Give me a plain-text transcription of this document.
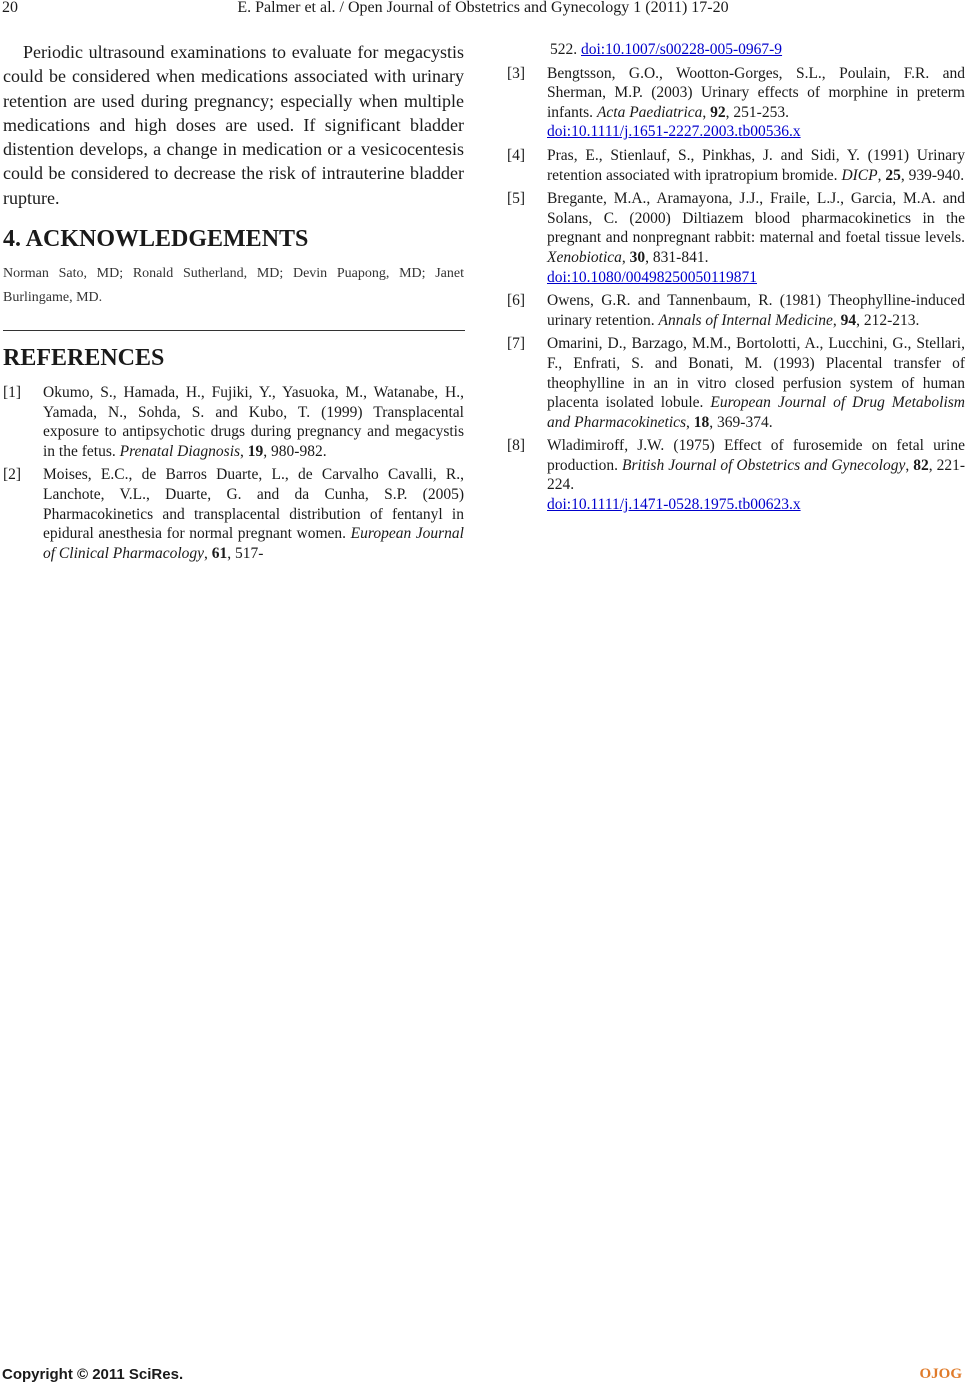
20	E. Palmer et al. / Open Journal of Obstetrics and Gynecology 1 (2011) 17-20

Periodic ultrasound examinations to evaluate for megacystis could be considered when medications associated with urinary retention are used during pregnancy; especially when multiple medications and high doses are used. If significant bladder distention develops, a change in medication or a vesicocentesis could be considered to decrease the risk of intrauterine bladder rupture.

4. ACKNOWLEDGEMENTS

Norman Sato, MD; Ronald Sutherland, MD; Devin Puapong, MD; Janet Burlingame, MD.

REFERENCES
[1] Okumo, S., Hamada, H., Fujiki, Y., Yasuoka, M., Watanabe, H., Yamada, N., Sohda, S. and Kubo, T. (1999) Transplacental exposure to antipsychotic drugs during pregnancy and megacystis in the fetus. Prenatal Diagnosis, 19, 980-982.
[2] Moises, E.C., de Barros Duarte, L., de Carvalho Cavalli, R., Lanchote, V.L., Duarte, G. and da Cunha, S.P. (2005) Pharmacokinetics and transplacental distribution of fentanyl in epidural anesthesia for normal pregnant women. European Journal of Clinical Pharmacology, 61, 517-
522. doi:10.1007/s00228-005-0967-9
[3] Bengtsson, G.O., Wootton-Gorges, S.L., Poulain, F.R. and Sherman, M.P. (2003) Urinary effects of morphine in preterm infants. Acta Paediatrica, 92, 251-253.
doi:10.1111/j.1651-2227.2003.tb00536.x
[4] Pras, E., Stienlauf, S., Pinkhas, J. and Sidi, Y. (1991) Urinary retention associated with ipratropium bromide. DICP, 25, 939-940.
[5] Bregante, M.A., Aramayona, J.J., Fraile, L.J., Garcia, M.A. and Solans, C. (2000) Diltiazem blood pharmacokinetics in the pregnant and nonpregnant rabbit: maternal and foetal tissue levels. Xenobiotica, 30, 831-841.
doi:10.1080/00498250050119871
[6] Owens, G.R. and Tannenbaum, R. (1981) Theophylline-induced urinary retention. Annals of Internal Medicine, 94, 212-213.
[7] Omarini, D., Barzago, M.M., Bortolotti, A., Lucchini, G., Stellari, F., Enfrati, S. and Bonati, M. (1993) Placental transfer of theophylline in an in vitro closed perfusion system of human placenta isolated lobule. European Journal of Drug Metabolism and Pharmacokinetics, 18, 369-374.
[8] Wladimiroff, J.W. (1975) Effect of furosemide on fetal urine production. British Journal of Obstetrics and Gynecology, 82, 221-224.
doi:10.1111/j.1471-0528.1975.tb00623.x
Copyright © 2011 SciRes.	OJOG
